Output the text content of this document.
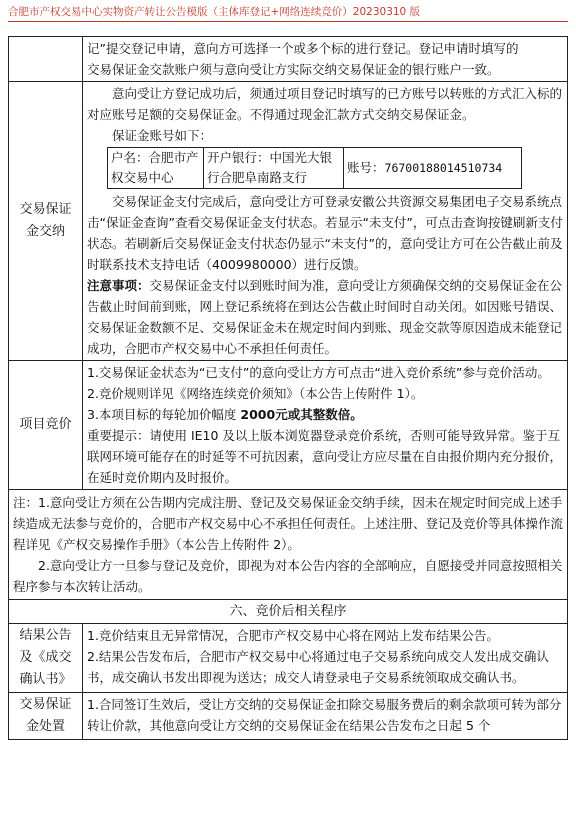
合肥市产权交易中心实物资产转让公告模版（主体库登记+网络连续竞价）20230310 版

记”提交登记申请，意向方可选择一个或多个标的进行登记。登记申请时填写的
交易保证金交款账户须与意向受让方实际交纳交易保证金的银行账户一致。

交易保证
金交纳

意向受让方登记成功后，须通过项目登记时填写的已方账号以转账的方式汇入标的对应账号足额的交易保证金。不得通过现金汇款方式交纳交易保证金。
保证金账号如下：
户名：合肥市产权交易中心	开户银行：中国光大银行合肥阜南路支行	账号：76700188014510734
交易保证金支付完成后，意向受让方可登录安徽公共资源交易集团电子交易系统点击“保证金查询”查看交易保证金支付状态。若显示“未支付”，可点击查询按键刷新支付状态。若刷新后交易保证金支付状态仍显示“未支付”的，意向受让方可在公告截止前及时联系技术支持电话（4009980000）进行反馈。
注意事项：交易保证金支付以到账时间为准，意向受让方须确保交纳的交易保证金在公告截止时间前到账，网上登记系统将在到达公告截止时间时自动关闭。如因账号错误、交易保证金数额不足、交易保证金未在规定时间内到账、现金交款等原因造成未能登记成功，合肥市产权交易中心不承担任何责任。

项目竞价	
1.交易保证金状态为“已支付”的意向受让方方可点击“进入竞价系统”参与竞价活动。
2.竞价规则详见《网络连续竞价须知》（本公告上传附件 1）。
3.本项目标的每轮加价幅度 2000元或其整数倍。
重要提示：请使用 IE10 及以上版本浏览器登录竞价系统，否则可能导致异常。鉴于互联网环境可能存在的时延等不可抗因素，意向受让方应尽量在自由报价期内充分报价，在延时竞价期内及时报价。

注：1.意向受让方须在公告期内完成注册、登记及交易保证金交纳手续，因未在规定时间完成上述手续造成无法参与竞价的，合肥市产权交易中心不承担任何责任。上述注册、登记及竞价等具体操作流程详见《产权交易操作手册》（本公告上传附件 2）。
2.意向受让方一旦参与登记及竞价，即视为对本公告内容的全部响应，自愿接受并同意按照相关程序参与本次转让活动。

六、竞价后相关程序

结果公告
及《成交
确认书》

1.竞价结束且无异常情况，合肥市产权交易中心将在网站上发布结果公告。
2.结果公告发布后，合肥市产权交易中心将通过电子交易系统向成交人发出成交确认书，成交确认书发出即视为送达；成交人请登录电子交易系统领取成交确认书。

交易保证
金处置

1.合同签订生效后，受让方交纳的交易保证金扣除交易服务费后的剩余款项可转为部分转让价款，其他意向受让方交纳的交易保证金在结果公告发布之日起 5 个
